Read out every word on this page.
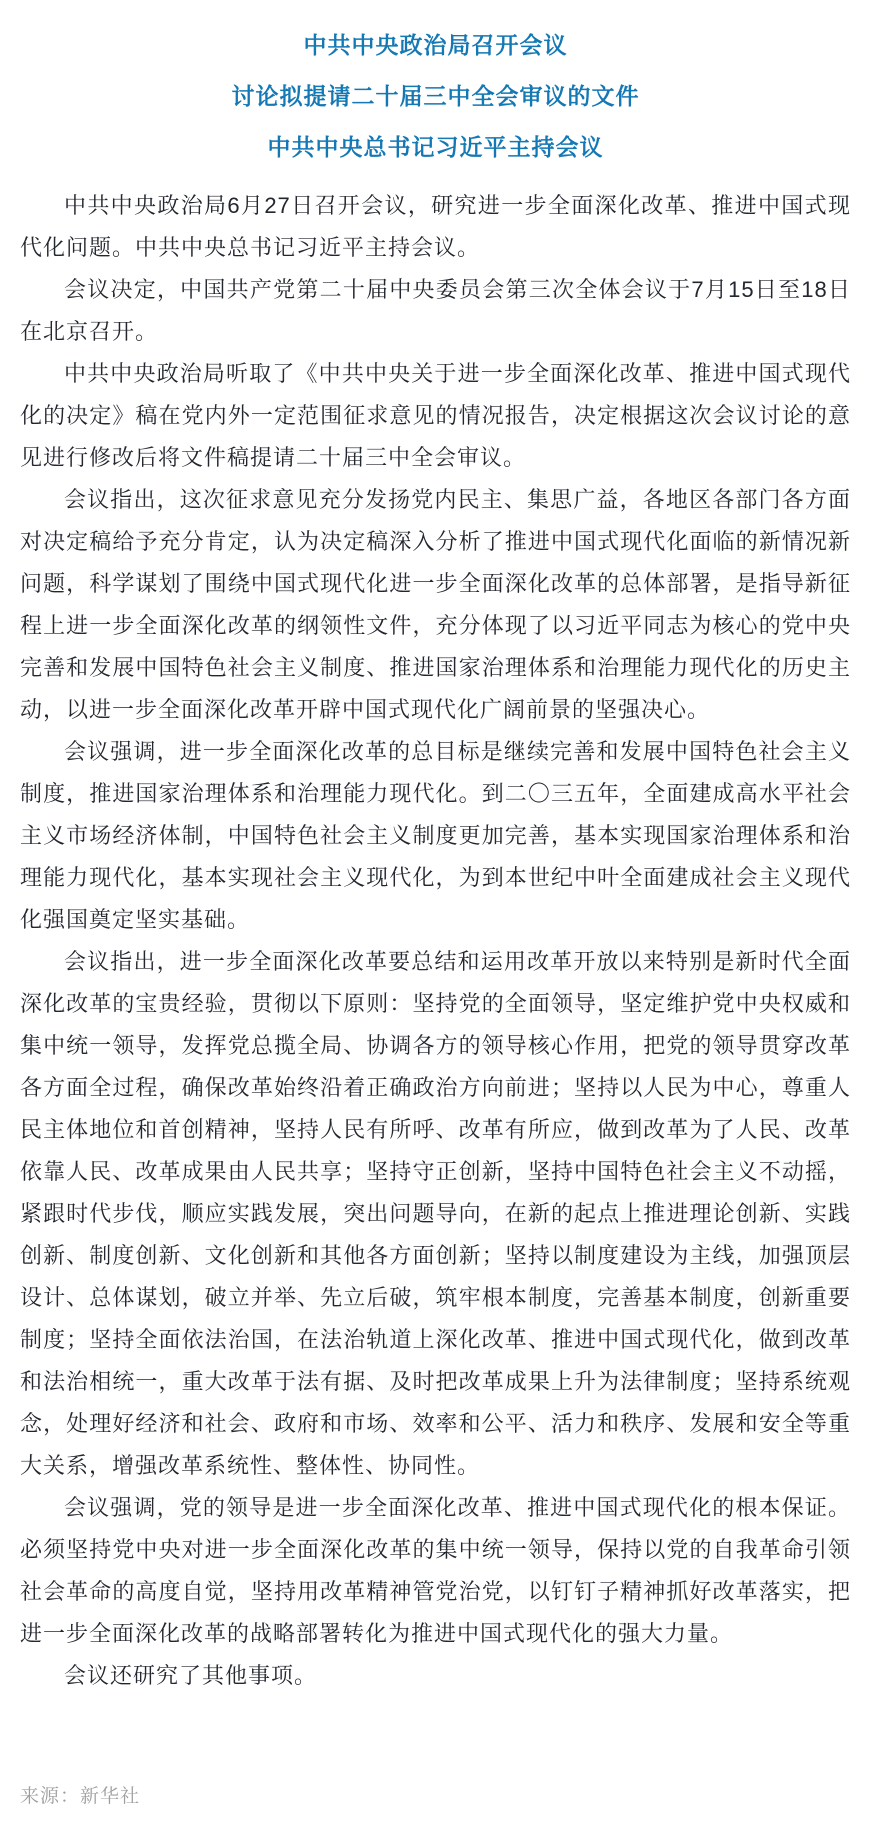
中共中央政治局召开会议
讨论拟提请二十届三中全会审议的文件
中共中央总书记习近平主持会议

中共中央政治局6月27日召开会议，研究进一步全面深化改革、推进中国式现代化问题。中共中央总书记习近平主持会议。

会议决定，中国共产党第二十届中央委员会第三次全体会议于7月15日至18日在北京召开。

中共中央政治局听取了《中共中央关于进一步全面深化改革、推进中国式现代化的决定》稿在党内外一定范围征求意见的情况报告，决定根据这次会议讨论的意见进行修改后将文件稿提请二十届三中全会审议。

会议指出，这次征求意见充分发扬党内民主、集思广益，各地区各部门各方面对决定稿给予充分肯定，认为决定稿深入分析了推进中国式现代化面临的新情况新问题，科学谋划了围绕中国式现代化进一步全面深化改革的总体部署，是指导新征程上进一步全面深化改革的纲领性文件，充分体现了以习近平同志为核心的党中央完善和发展中国特色社会主义制度、推进国家治理体系和治理能力现代化的历史主动，以进一步全面深化改革开辟中国式现代化广阔前景的坚强决心。

会议强调，进一步全面深化改革的总目标是继续完善和发展中国特色社会主义制度，推进国家治理体系和治理能力现代化。到二〇三五年，全面建成高水平社会主义市场经济体制，中国特色社会主义制度更加完善，基本实现国家治理体系和治理能力现代化，基本实现社会主义现代化，为到本世纪中叶全面建成社会主义现代化强国奠定坚实基础。

会议指出，进一步全面深化改革要总结和运用改革开放以来特别是新时代全面深化改革的宝贵经验，贯彻以下原则：坚持党的全面领导，坚定维护党中央权威和集中统一领导，发挥党总揽全局、协调各方的领导核心作用，把党的领导贯穿改革各方面全过程，确保改革始终沿着正确政治方向前进；坚持以人民为中心，尊重人民主体地位和首创精神，坚持人民有所呼、改革有所应，做到改革为了人民、改革依靠人民、改革成果由人民共享；坚持守正创新，坚持中国特色社会主义不动摇，紧跟时代步伐，顺应实践发展，突出问题导向，在新的起点上推进理论创新、实践创新、制度创新、文化创新和其他各方面创新；坚持以制度建设为主线，加强顶层设计、总体谋划，破立并举、先立后破，筑牢根本制度，完善基本制度，创新重要制度；坚持全面依法治国，在法治轨道上深化改革、推进中国式现代化，做到改革和法治相统一，重大改革于法有据、及时把改革成果上升为法律制度；坚持系统观念，处理好经济和社会、政府和市场、效率和公平、活力和秩序、发展和安全等重大关系，增强改革系统性、整体性、协同性。

会议强调，党的领导是进一步全面深化改革、推进中国式现代化的根本保证。必须坚持党中央对进一步全面深化改革的集中统一领导，保持以党的自我革命引领社会革命的高度自觉，坚持用改革精神管党治党，以钉钉子精神抓好改革落实，把进一步全面深化改革的战略部署转化为推进中国式现代化的强大力量。

会议还研究了其他事项。

来源：新华社
